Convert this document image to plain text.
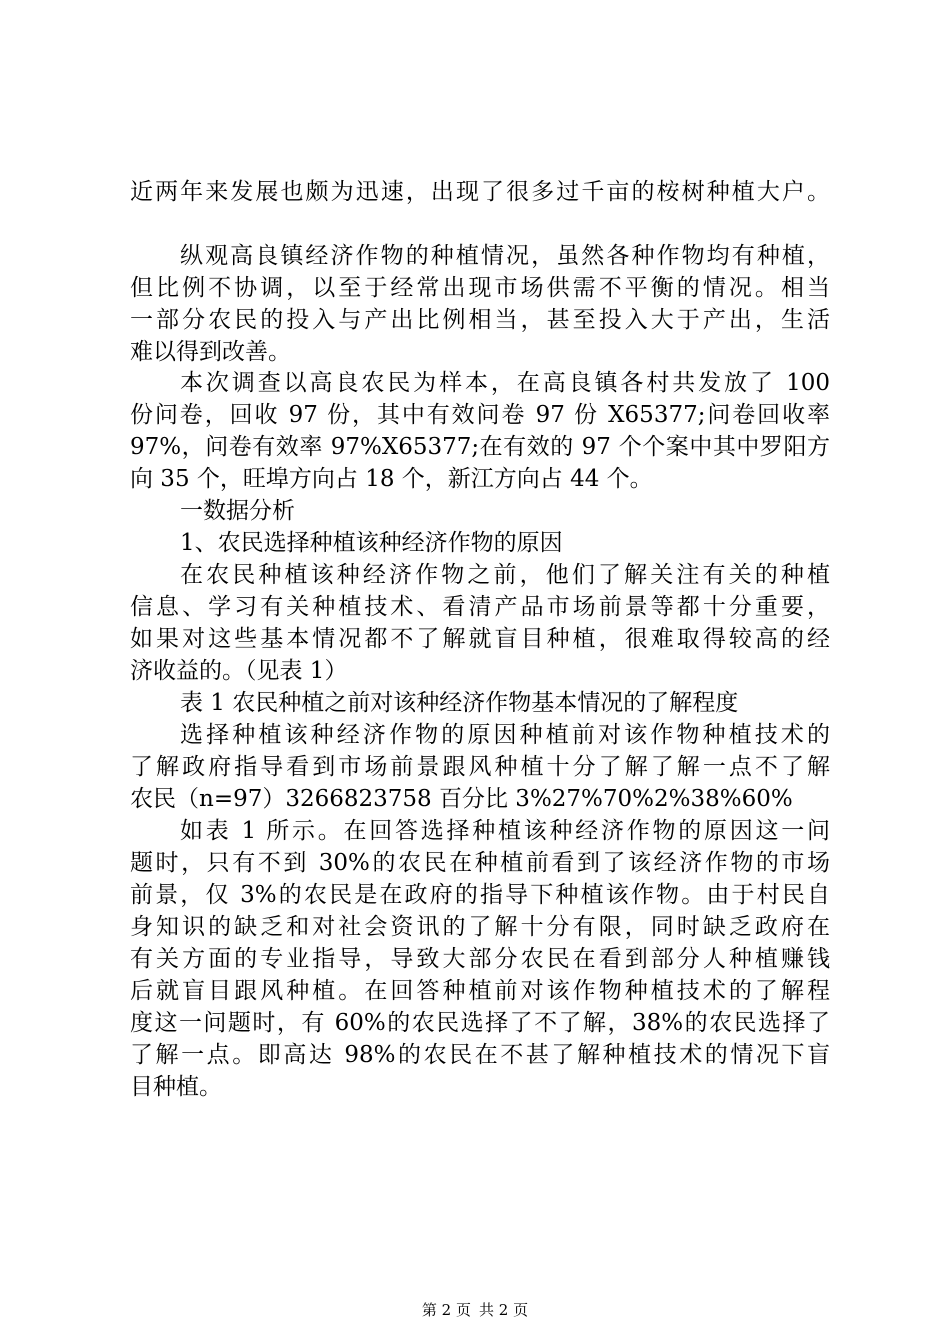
近两年来发展也颇为迅速，出现了很多过千亩的桉树种植大户。
纵观高良镇经济作物的种植情况，虽然各种作物均有种植，
但比例不协调，以至于经常出现市场供需不平衡的情况。相当
一部分农民的投入与产出比例相当，甚至投入大于产出，生活
难以得到改善。
本次调查以高良农民为样本，在高良镇各村共发放了 100
份问卷，回收 97 份，其中有效问卷 97 份 X65377;问卷回收率
97%，问卷有效率 97%X65377;在有效的 97 个个案中其中罗阳方
向 35 个，旺埠方向占 18 个，新江方向占 44 个。
一数据分析
1、农民选择种植该种经济作物的原因
在农民种植该种经济作物之前，他们了解关注有关的种植
信息、学习有关种植技术、看清产品市场前景等都十分重要，
如果对这些基本情况都不了解就盲目种植，很难取得较高的经
济收益的。（见表 1）
表 1 农民种植之前对该种经济作物基本情况的了解程度
选择种植该种经济作物的原因种植前对该作物种植技术的
了解政府指导看到市场前景跟风种植十分了解了解一点不了解
农民（n=97）3266823758 百分比 3%27%70%2%38%60%
如表 1 所示。在回答选择种植该种经济作物的原因这一问
题时，只有不到 30%的农民在种植前看到了该经济作物的市场
前景，仅 3%的农民是在政府的指导下种植该作物。由于村民自
身知识的缺乏和对社会资讯的了解十分有限，同时缺乏政府在
有关方面的专业指导，导致大部分农民在看到部分人种植赚钱
后就盲目跟风种植。在回答种植前对该作物种植技术的了解程
度这一问题时，有 60%的农民选择了不了解，38%的农民选择了
了解一点。即高达 98%的农民在不甚了解种植技术的情况下盲
目种植。
第 2 页 共 2 页
